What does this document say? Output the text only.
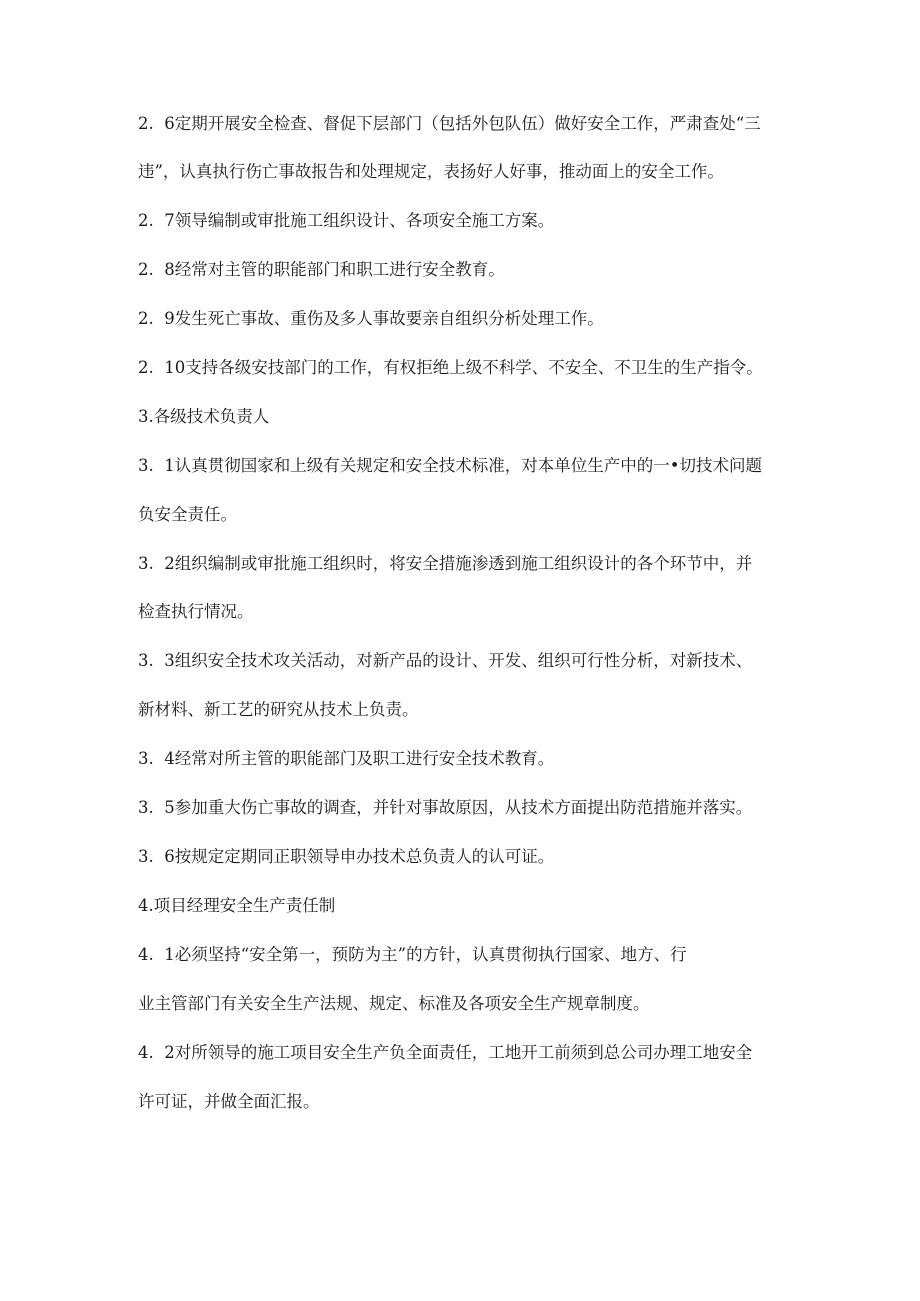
2.  6定期开展安全检查、督促下层部门（包括外包队伍）做好安全工作，严肃查处“三
违”，认真执行伤亡事故报告和处理规定，表扬好人好事，推动面上的安全工作。
2.  7领导编制或审批施工组织设计、各项安全施工方案。
2.  8经常对主管的职能部门和职工进行安全教育。
2.  9发生死亡事故、重伤及多人事故要亲自组织分析处理工作。
2.  10支持各级安技部门的工作，有权拒绝上级不科学、不安全、不卫生的生产指令。
3.各级技术负责人
3.  1认真贯彻国家和上级有关规定和安全技术标准，对本单位生产中的一•切技术问题
负安全责任。
3.  2组织编制或审批施工组织时，将安全措施渗透到施工组织设计的各个环节中，并
检查执行情况。
3.  3组织安全技术攻关活动，对新产品的设计、开发、组织可行性分析，对新技术、
新材料、新工艺的研究从技术上负责。
3.  4经常对所主管的职能部门及职工进行安全技术教育。
3.  5参加重大伤亡事故的调查，并针对事故原因，从技术方面提出防范措施并落实。
3.  6按规定定期同正职领导申办技术总负责人的认可证。
4.项目经理安全生产责任制
4.  1必须坚持“安全第一，预防为主”的方针，认真贯彻执行国家、地方、行
业主管部门有关安全生产法规、规定、标准及各项安全生产规章制度。
4.  2对所领导的施工项目安全生产负全面责任，工地开工前须到总公司办理工地安全
许可证，并做全面汇报。
